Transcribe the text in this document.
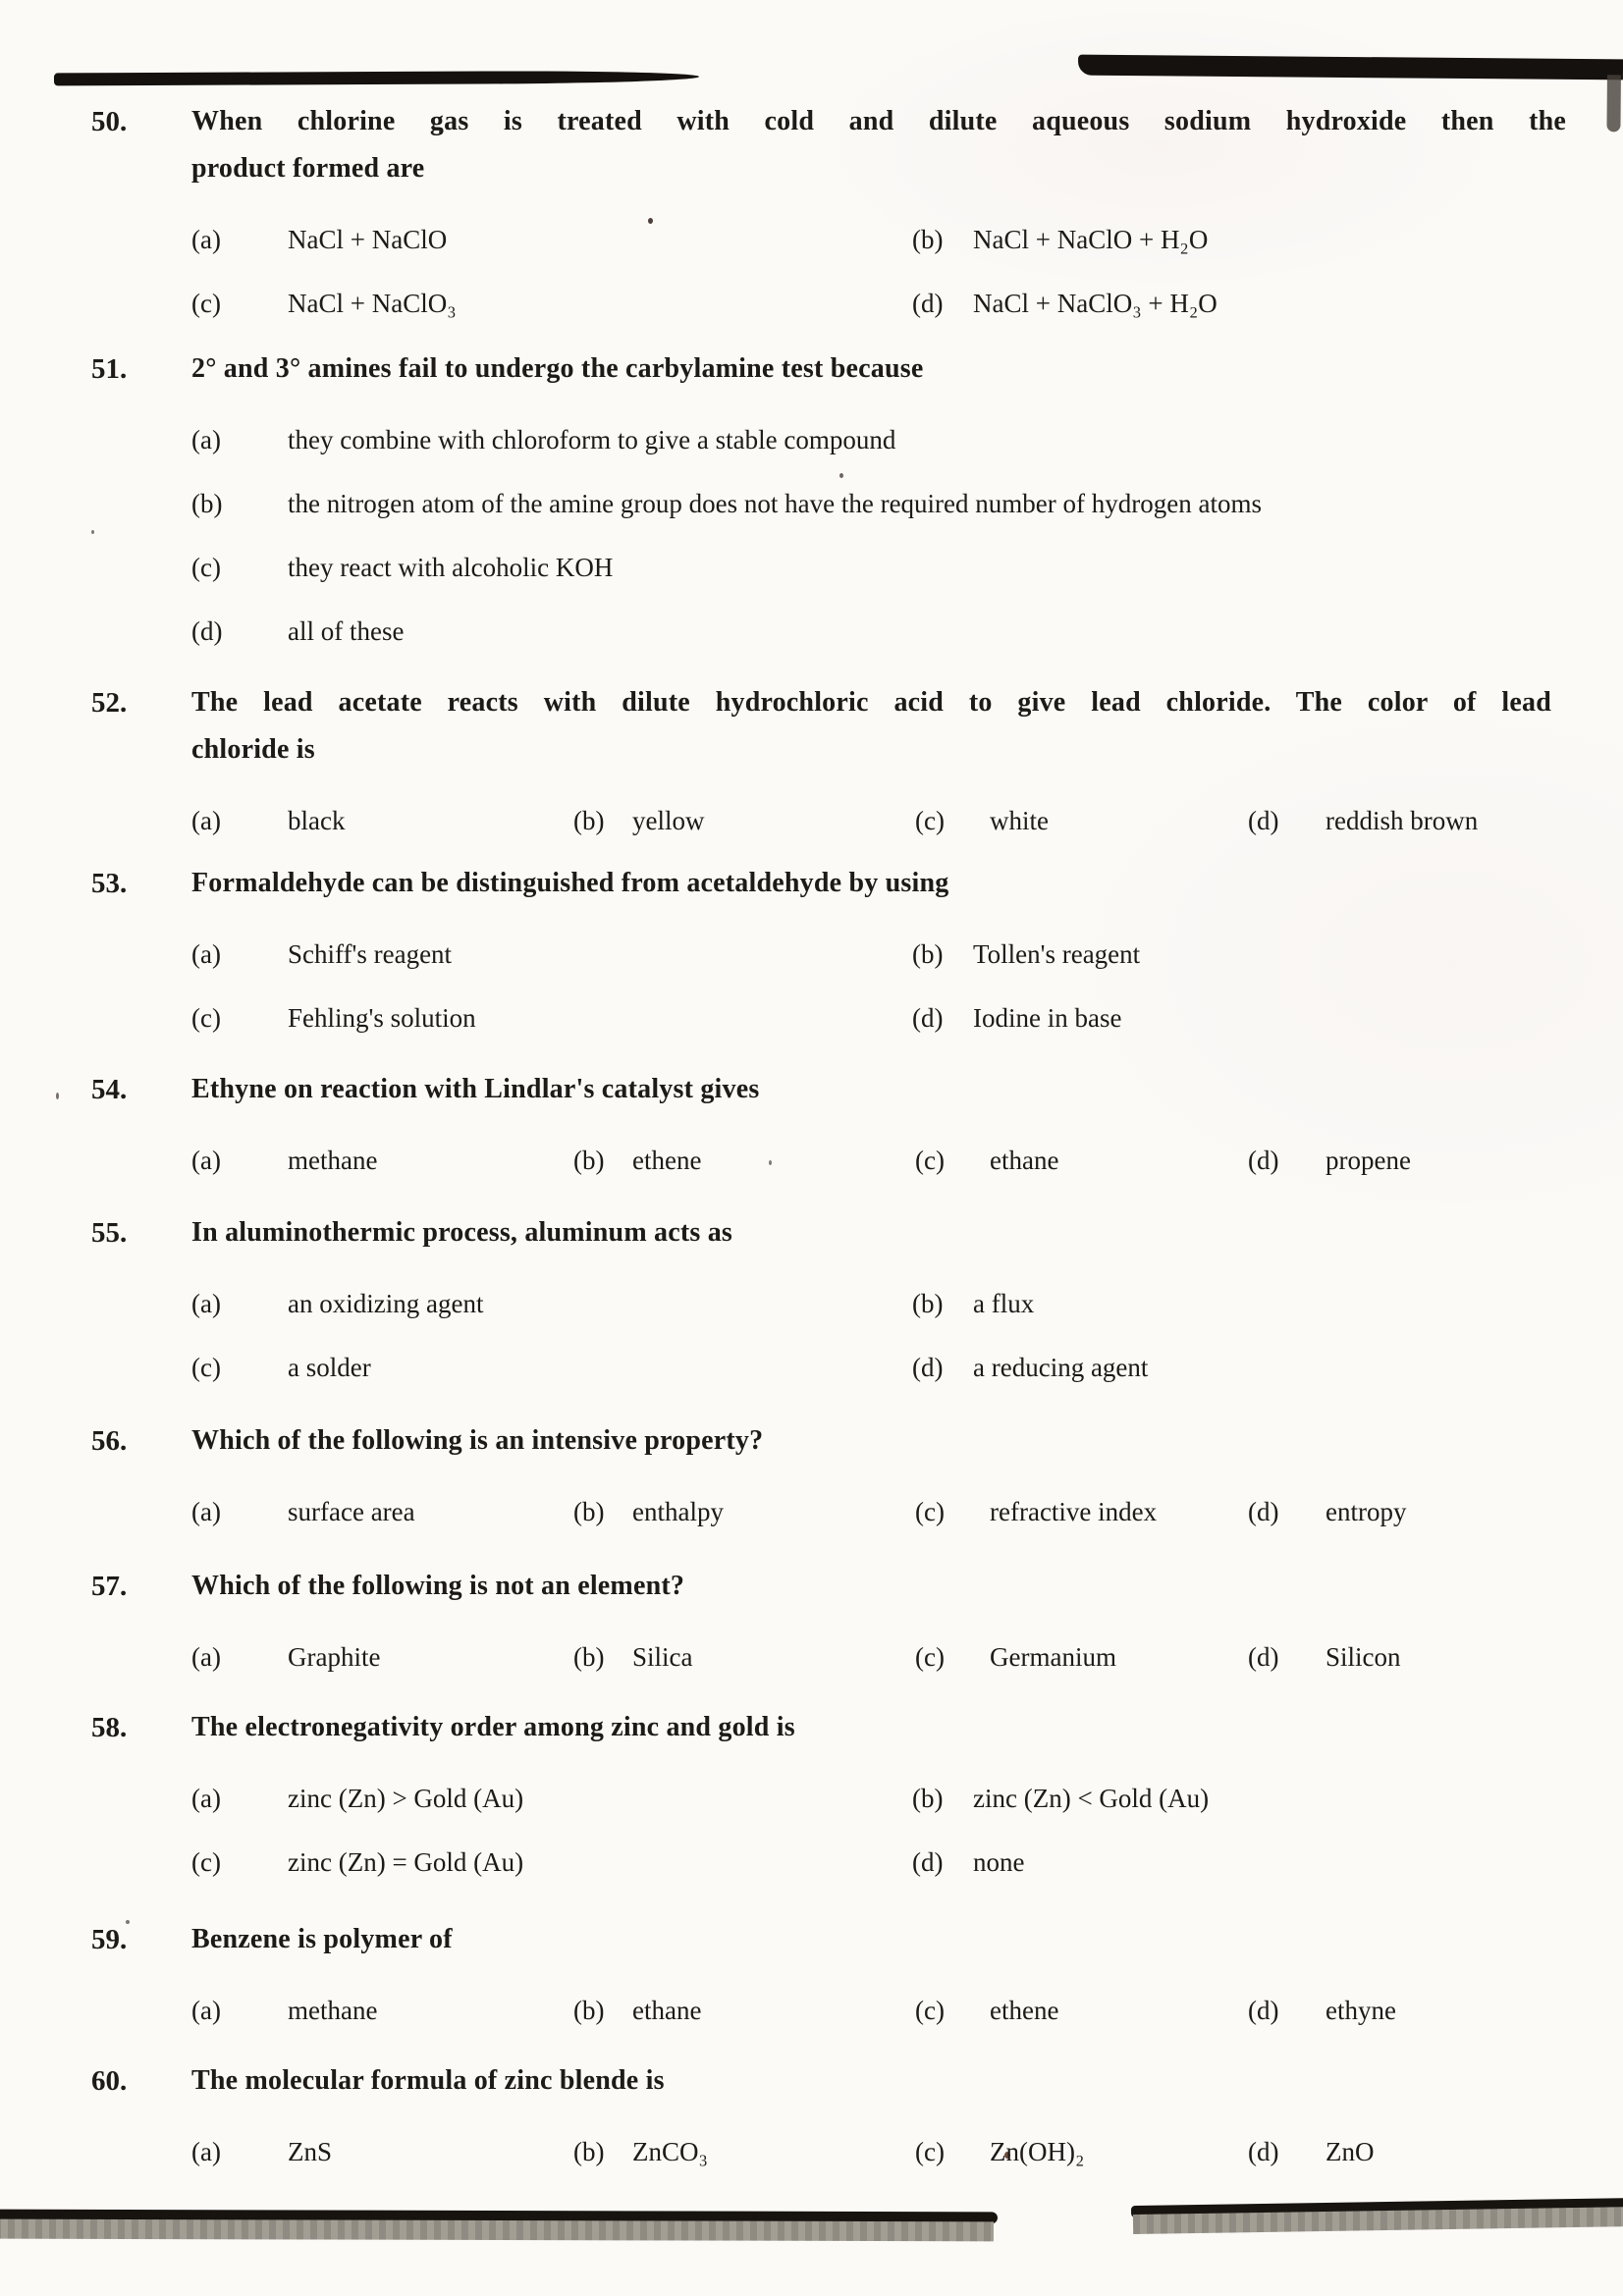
50. When chlorine gas is treated with cold and dilute aqueous sodium hydroxide then the
product formed are
(a)	NaCl + NaClO	(b)	NaCl + NaClO + H₂O
(c)	NaCl + NaClO₃	(d)	NaCl + NaClO₃ + H₂O
51. 2° and 3° amines fail to undergo the carbylamine test because
(a)	they combine with chloroform to give a stable compound
(b)	the nitrogen atom of the amine group does not have the required number of hydrogen atoms
(c)	they react with alcoholic KOH
(d)	all of these
52. The lead acetate reacts with dilute hydrochloric acid to give lead chloride. The color of lead
chloride is
(a)	black	(b)	yellow	(c)	white	(d)	reddish brown
53. Formaldehyde can be distinguished from acetaldehyde by using
(a)	Schiff's reagent	(b)	Tollen's reagent
(c)	Fehling's solution	(d)	Iodine in base
54. Ethyne on reaction with Lindlar's catalyst gives
(a)	methane	(b)	ethene	(c)	ethane	(d)	propene
55. In aluminothermic process, aluminum acts as
(a)	an oxidizing agent	(b)	a flux
(c)	a solder	(d)	a reducing agent
56. Which of the following is an intensive property?
(a)	surface area	(b)	enthalpy	(c)	refractive index	(d)	entropy
57. Which of the following is not an element?
(a)	Graphite	(b)	Silica	(c)	Germanium	(d)	Silicon
58. The electronegativity order among zinc and gold is
(a)	zinc (Zn) > Gold (Au)	(b)	zinc (Zn) < Gold (Au)
(c)	zinc (Zn) = Gold (Au)	(d)	none
59. Benzene is polymer of
(a)	methane	(b)	ethane	(c)	ethene	(d)	ethyne
60. The molecular formula of zinc blende is
(a)	ZnS	(b)	ZnCO₃	(c)	Zn(OH)₂	(d)	ZnO
